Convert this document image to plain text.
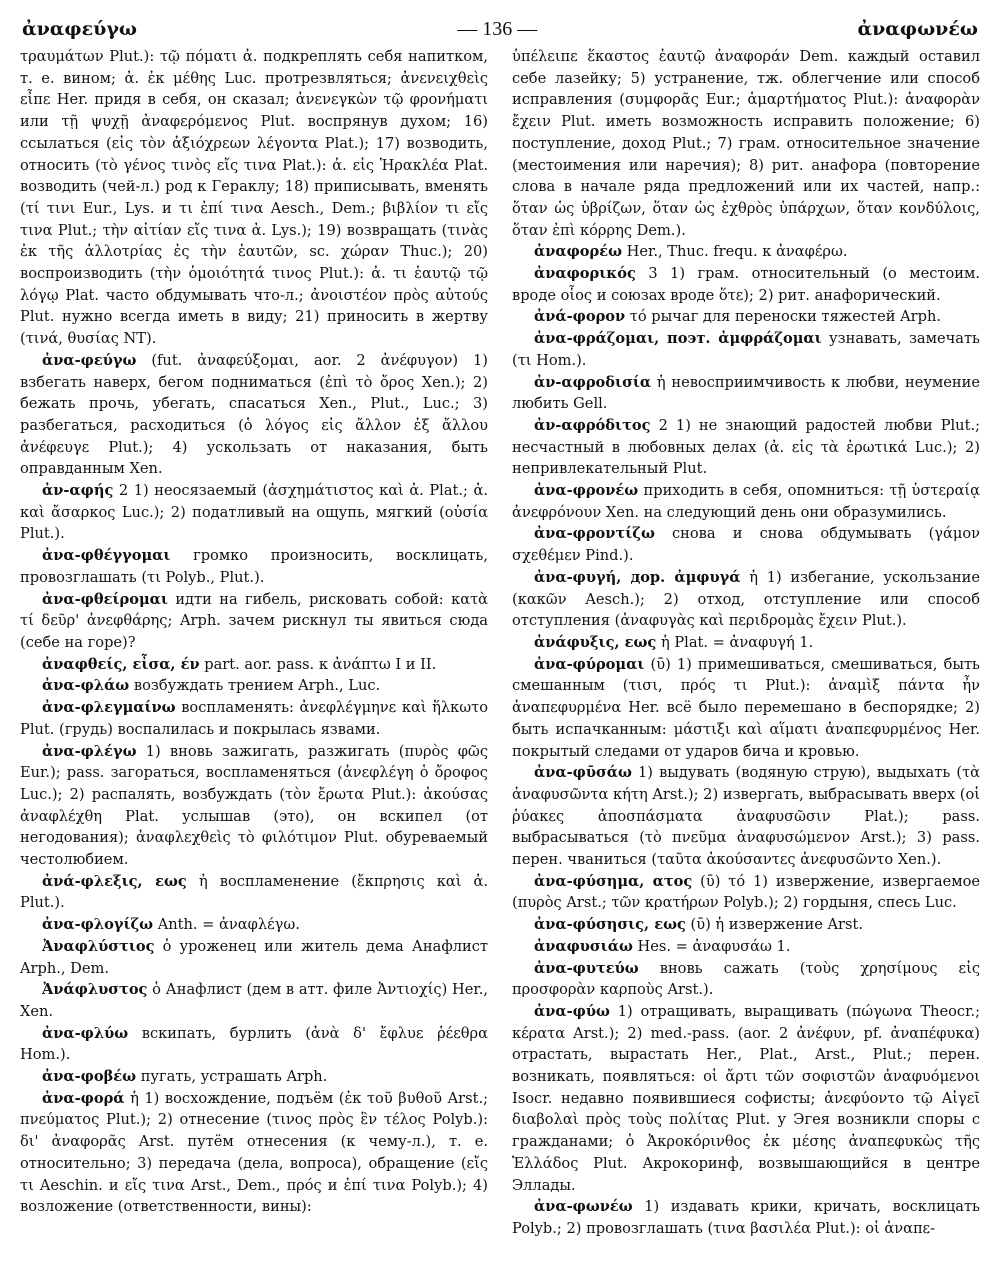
ἀναφεύγω	— 136 —	ἀναφωνέω

τραυμάτων Plut.): τῷ πόματι ἀ. подкреплять себя напитком, т. е. вином; ἀ. ἐκ μέθης Luc. протрезвляться; ἀνενειχθεὶς εἶπε Her. придя в себя, он сказал; ἀνενεγκὼν τῷ φρονήματι или τῇ ψυχῇ ἀναφερόμενος Plut. воспрянув духом; 16) ссылаться (εἰς τὸν ἀξιόχρεων λέγοντα Plat.); 17) возводить, относить (τὸ γένος τινὸς εἴς τινα Plat.): ἀ. εἰς Ἡρακλέα Plat. возводить (чей-л.) род к Гераклу; 18) приписывать, вменять (τί τινι Eur., Lys. и τι ἐπί τινα Aesch., Dem.; βιβλίον τι εἴς τινα Plut.; τὴν αἰτίαν εἴς τινα ἀ. Lys.); 19) возвращать (τινὰς ἐκ τῆς ἀλλοτρίας ἐς τὴν ἑαυτῶν, sc. χώραν Thuc.); 20) воспроизводить (τὴν ὁμοιότητά τινος Plut.): ἀ. τι ἑαυτῷ τῷ λόγῳ Plat. часто обдумывать что-л.; ἀνοιστέον πρὸς αὐτούς Plut. нужно всегда иметь в виду; 21) приносить в жертву (τινά, θυσίας NT).

ἀνα-φεύγω (fut. ἀναφεύξομαι, aor. 2 ἀνέφυγον) 1) взбегать наверх, бегом подниматься (ἐπὶ τὸ ὄρος Xen.); 2) бежать прочь, убегать, спасаться Xen., Plut., Luc.; 3) разбегаться, расходиться (ὁ λόγος εἰς ἄλλον ἐξ ἄλλου ἀνέφευγε Plut.); 4) ускользать от наказания, быть оправданным Xen.

ἀν-αφής 2 1) неосязаемый (ἀσχημάτιστος καὶ ἀ. Plat.; ἀ. καὶ ἄσαρκος Luc.); 2) податливый на ощупь, мягкий (οὐσία Plut.).

ἀνα-φθέγγομαι громко произносить, восклицать, провозглашать (τι Polyb., Plut.).

ἀνα-φθείρομαι идти на гибель, рисковать собой: κατὰ τί δεῦρ' ἀνεφθάρης; Arph. зачем рискнул ты явиться сюда (себе на горе)?

ἀναφθείς, εἶσα, έν part. aor. pass. к ἀνάπτω I и II.

ἀνα-φλάω возбуждать трением Arph., Luc.

ἀνα-φλεγμαίνω воспламенять: ἀνεφλέγμηνε καὶ ἥλκωτο Plut. (грудь) воспалилась и покрылась язвами.

ἀνα-φλέγω 1) вновь зажигать, разжигать (πυρὸς φῶς Eur.); pass. загораться, воспламеняться (ἀνεφλέγη ὁ ὄροφος Luc.); 2) распалять, возбуждать (τὸν ἔρωτα Plut.): ἀκούσας ἀναφλέχθη Plat. услышав (это), он вскипел (от негодования); ἀναφλεχθεὶς τὸ φιλότιμον Plut. обуреваемый честолюбием.

ἀνά-φλεξις, εως ἡ воспламенение (ἔκπρησις καὶ ἀ. Plut.).

ἀνα-φλογίζω Anth. = ἀναφλέγω.

Ἀναφλύστιος ὁ уроженец или житель дема Анафлист Arph., Dem.

Ἀνάφλυστος ὁ Анафлист (дем в атт. филе Ἀντιοχίς) Her., Xen.

ἀνα-φλύω вскипать, бурлить (ἀνὰ δ' ἔφλυε ῥέεθρα Hom.).

ἀνα-φοβέω пугать, устрашать Arph.

ἀνα-φορά ἡ 1) восхождение, подъём (ἐκ τοῦ βυθοῦ Arst.; πνεύματος Plut.); 2) отнесение (τινος πρὸς ἓν τέλος Polyb.): δι' ἀναφορᾶς Arst. путём отнесения (к чему-л.), т. е. относительно; 3) передача (дела, вопроса), обращение (εἴς τι Aeschin. и εἴς τινα Arst., Dem., πρός и ἐπί τινα Polyb.); 4) возложение (ответственности, вины):

ὑπέλειπε ἕκαστος ἑαυτῷ ἀναφοράν Dem. каждый оставил себе лазейку; 5) устранение, тж. облегчение или способ исправления (συμφορᾶς Eur.; ἁμαρτήματος Plut.): ἀναφορὰν ἔχειν Plut. иметь возможность исправить положение; 6) поступление, доход Plut.; 7) грам. относительное значение (местоимения или наречия); 8) рит. анафора (повторение слова в начале ряда предложений или их частей, напр.: ὅταν ὡς ὑβρίζων, ὅταν ὡς ἐχθρὸς ὑπάρχων, ὅταν κονδύλοις, ὅταν ἐπὶ κόρρης Dem.).

ἀναφορέω Her., Thuc. frequ. к ἀναφέρω.

ἀναφορικός 3 1) грам. относительный (о местоим. вроде οἷος и союзах вроде ὅτε); 2) рит. анафорический.

ἀνά-φορον τό рычаг для переноски тяжестей Arph.

ἀνα-φράζομαι, поэт. ἀμφράζομαι узнавать, замечать (τι Hom.).

ἀν-αφροδισία ἡ невосприимчивость к любви, неумение любить Gell.

ἀν-αφρόδιτος 2 1) не знающий радостей любви Plut.; несчастный в любовных делах (ἀ. εἰς τὰ ἐρωτικά Luc.); 2) непривлекательный Plut.

ἀνα-φρονέω приходить в себя, опомниться: τῇ ὑστεραίᾳ ἀνεφρόνουν Xen. на следующий день они образумились.

ἀνα-φροντίζω снова и снова обдумывать (γάμον σχεθέμεν Pind.).

ἀνα-φυγή, дор. ἀμφυγά ἡ 1) избегание, ускользание (κακῶν Aesch.); 2) отход, отступление или способ отступления (ἀναφυγὰς καὶ περιδρομὰς ἔχειν Plut.).

ἀνάφυξις, εως ἡ Plat. = ἀναφυγή 1.

ἀνα-φύρομαι (ῡ) 1) примешиваться, смешиваться, быть смешанным (τισι, πρός τι Plut.): ἀναμὶξ πάντα ἦν ἀναπεφυρμένα Her. всё было перемешано в беспорядке; 2) быть испачканным: μάστιξι καὶ αἵματι ἀναπεφυρμένος Her. покрытый следами от ударов бича и кровью.

ἀνα-φῡσάω 1) выдувать (водяную струю), выдыхать (τὰ ἀναφυσῶντα κήτη Arst.); 2) извергать, выбрасывать вверх (οἱ ῥύακες ἀποσπάσματα ἀναφυσῶσιν Plat.); pass. выбрасываться (τὸ πνεῦμα ἀναφυσώμενον Arst.); 3) pass. перен. чваниться (ταῦτα ἀκούσαντες ἀνεφυσῶντο Xen.).

ἀνα-φύσημα, ατος (ῡ) τό 1) извержение, извергаемое (πυρὸς Arst.; τῶν κρατήρων Polyb.); 2) гордыня, спесь Luc.

ἀνα-φύσησις, εως (ῡ) ἡ извержение Arst.

ἀναφυσιάω Hes. = ἀναφυσάω 1.

ἀνα-φυτεύω вновь сажать (τοὺς χρησίμους εἰς προσφορὰν καρποὺς Arst.).

ἀνα-φύω 1) отращивать, выращивать (πώγωνα Theocr.; κέρατα Arst.); 2) med.-pass. (aor. 2 ἀνέφυν, pf. ἀναπέφυκα) отрастать, вырастать Her., Plat., Arst., Plut.; перен. возникать, появляться: οἱ ἄρτι τῶν σοφιστῶν ἀναφυόμενοι Isocr. недавно появившиеся софисты; ἀνεφύοντο τῷ Αἰγεῖ διαβολαὶ πρὸς τοὺς πολίτας Plut. у Эгея возникли споры с гражданами; ὁ Ἀκροκόρινθος ἐκ μέσης ἀναπεφυκὼς τῆς Ἑλλάδος Plut. Акрокоринф, возвышающийся в центре Эллады.

ἀνα-φωνέω 1) издавать крики, кричать, восклицать Polyb.; 2) провозглашать (τινα βασιλέα Plut.): οἱ ἀναπε-
